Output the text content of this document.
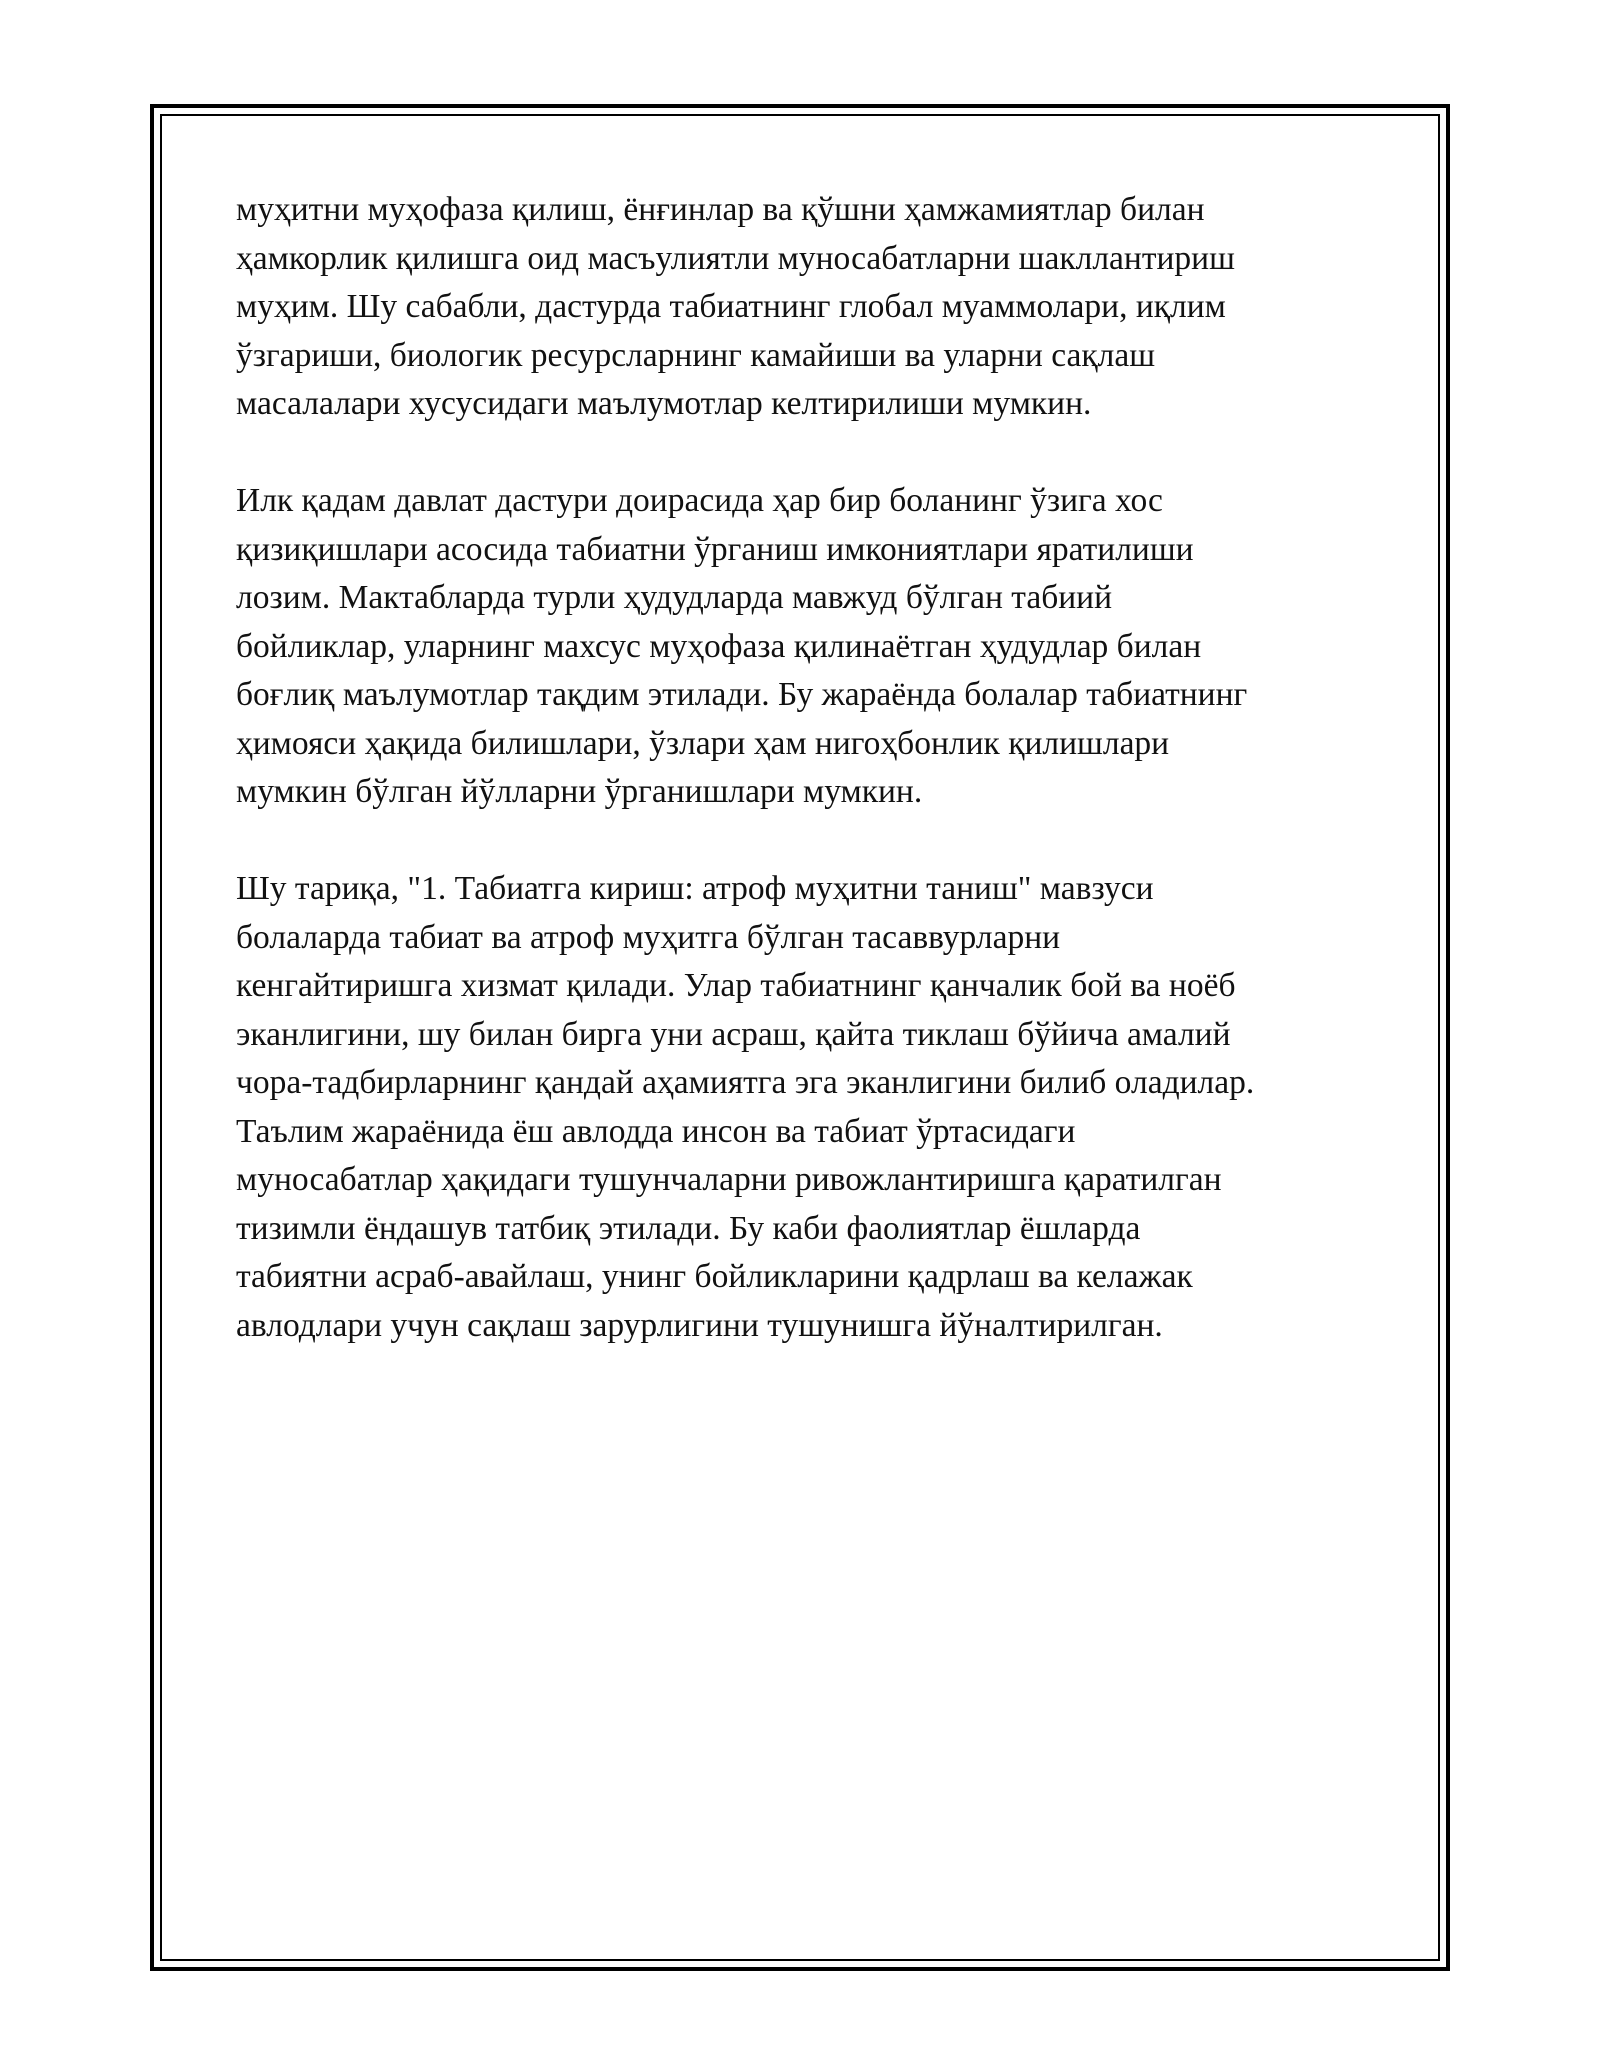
муҳитни муҳофаза қилиш, ёнғинлар ва қўшни ҳамжамиятлар билан
ҳамкорлик қилишга оид масъулиятли муносабатларни шакллантириш
муҳим. Шу сабабли, дастурда табиатнинг глобал муаммолари, иқлим
ўзгариши, биологик ресурсларнинг камайиши ва уларни сақлаш
масалалари хусусидаги маълумотлар келтирилиши мумкин.

Илк қадам давлат дастури доирасида ҳар бир боланинг ўзига хос
қизиқишлари асосида табиатни ўрганиш имкониятлари яратилиши
лозим. Мактабларда турли ҳудудларда мавжуд бўлган табиий
бойликлар, уларнинг махсус муҳофаза қилинаётган ҳудудлар билан
боғлиқ маълумотлар тақдим этилади. Бу жараёнда болалар табиатнинг
ҳимояси ҳақида билишлари, ўзлари ҳам нигоҳбонлик қилишлари
мумкин бўлган йўлларни ўрганишлари мумкин.

Шу тариқа, "1. Табиатга кириш: атроф муҳитни таниш" мавзуси
болаларда табиат ва атроф муҳитга бўлган тасаввурларни
кенгайтиришга хизмат қилади. Улар табиатнинг қанчалик бой ва ноёб
эканлигини, шу билан бирга уни асраш, қайта тиклаш бўйича амалий
чора-тадбирларнинг қандай аҳамиятга эга эканлигини билиб оладилар.
Таълим жараёнида ёш авлодда инсон ва табиат ўртасидаги
муносабатлар ҳақидаги тушунчаларни ривожлантиришга қаратилган
тизимли ёндашув татбиқ этилади. Бу каби фаолиятлар ёшларда
табиятни асраб-авайлаш, унинг бойликларини қадрлаш ва келажак
авлодлари учун сақлаш зарурлигини тушунишга йўналтирилган.
